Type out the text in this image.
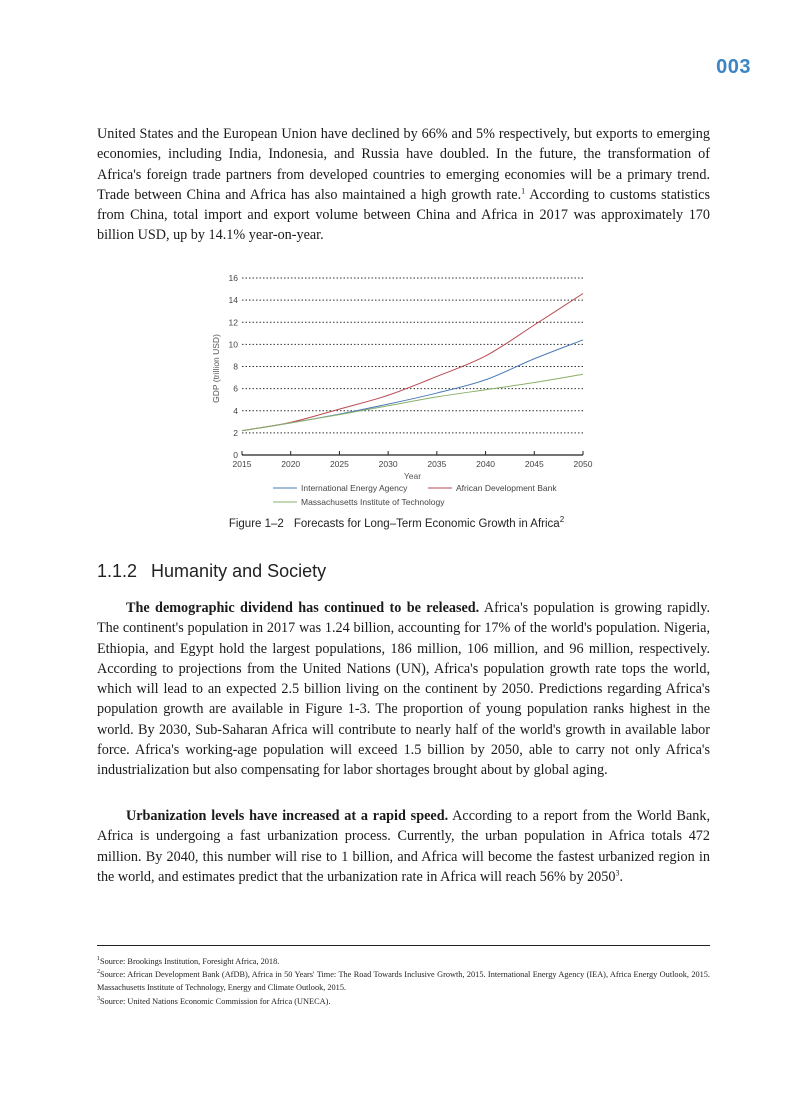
003

United States and the European Union have declined by 66% and 5% respectively, but exports to emerging economies, including India, Indonesia, and Russia have doubled. In the future, the transformation of Africa's foreign trade partners from developed countries to emerging economies will be a primary trend. Trade between China and Africa has also maintained a high growth rate.$^1$ According to customs statistics from China, total import and export volume between China and Africa in 2017 was approximately 170 billion USD, up by 14.1% year-on-year.

0
2
4
6
8
10
12
14
16
2015	2020	2025	2030	2035	2040	2045	2050
Year
GDP (trillion USD)
International Energy Agency	African Development Bank
Massachusetts Institute of Technology
Figure 1–2 Forecasts for Long–Term Economic Growth in Africa$^2$
1.1.2 Humanity and Society

The demographic dividend has continued to be released. Africa's population is growing rapidly. The continent's population in 2017 was 1.24 billion, accounting for 17% of the world's population. Nigeria, Ethiopia, and Egypt hold the largest populations, 186 million, 106 million, and 96 million, respectively. According to projections from the United Nations (UN), Africa's population growth rate tops the world, which will lead to an expected 2.5 billion living on the continent by 2050. Predictions regarding Africa's population growth are available in Figure 1-3. The proportion of young population ranks highest in the world. By 2030, Sub-Saharan Africa will contribute to nearly half of the world's growth in available labor force. Africa's working-age population will exceed 1.5 billion by 2050, able to carry not only Africa's industrialization but also compensating for labor shortages brought about by global aging.

Urbanization levels have increased at a rapid speed. According to a report from the World Bank, Africa is undergoing a fast urbanization process. Currently, the urban population in Africa totals 472 million. By 2040, this number will rise to 1 billion, and Africa will become the fastest urbanized region in the world, and estimates predict that the urbanization rate in Africa will reach 56% by 2050$^3$.

$^1$Source: Brookings Institution, Foresight Africa, 2018.

$^2$Source: African Development Bank (AfDB), Africa in 50 Years' Time: The Road Towards Inclusive Growth, 2015. International Energy Agency (IEA), Africa Energy Outlook, 2015. Massachusetts Institute of Technology, Energy and Climate Outlook, 2015.

$^3$Source: United Nations Economic Commission for Africa (UNECA).
